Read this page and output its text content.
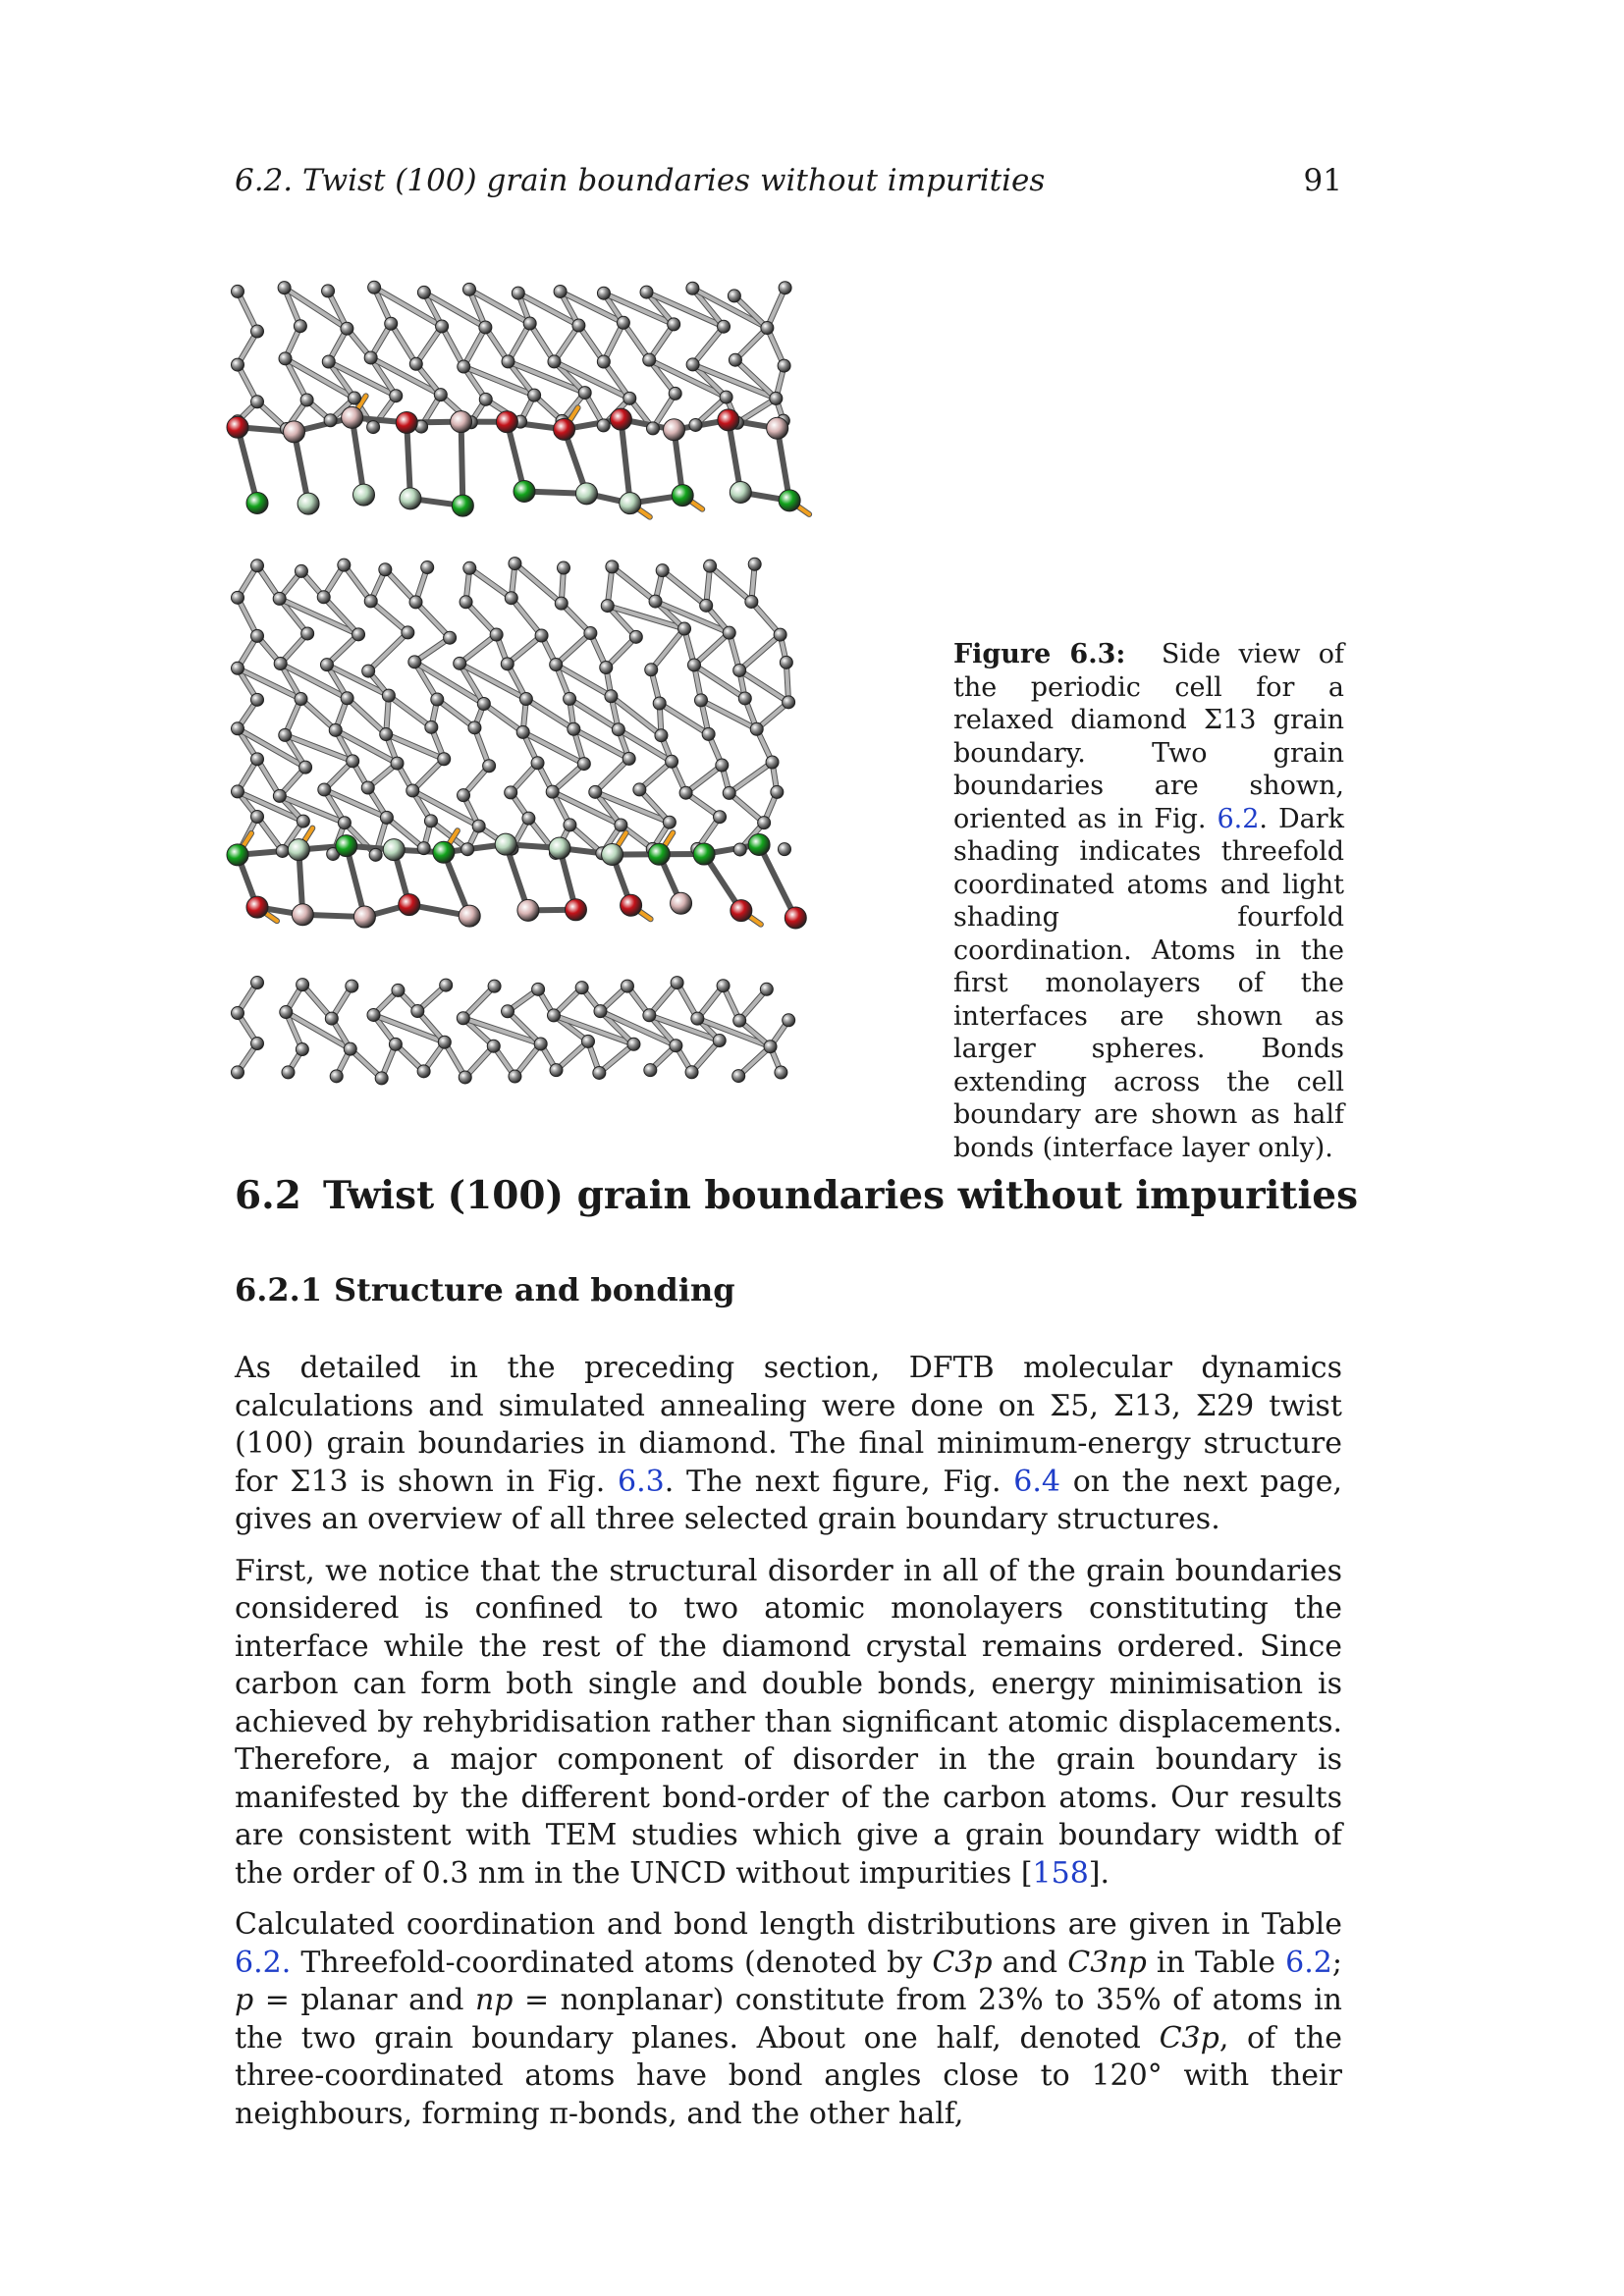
6.2. Twist (100) grain boundaries without impurities	91
Figure 6.3: Side view of the periodic cell for a relaxed diamond Σ13 grain boundary. Two grain boundaries are shown, oriented as in Fig. 6.2. Dark shading indicates threefold coordinated atoms and light shading fourfold coordination. Atoms in the first monolayers of the interfaces are shown as larger spheres. Bonds extending across the cell boundary are shown as half bonds (interface layer only).
6.2 Twist (100) grain boundaries without impurities
6.2.1 Structure and bonding

As detailed in the preceding section, DFTB molecular dynamics calculations and simulated annealing were done on Σ5, Σ13, Σ29 twist (100) grain boundaries in diamond. The final minimum-energy structure for Σ13 is shown in Fig. 6.3. The next figure, Fig. 6.4 on the next page, gives an overview of all three selected grain boundary structures.

First, we notice that the structural disorder in all of the grain boundaries considered is confined to two atomic monolayers constituting the interface while the rest of the diamond crystal remains ordered. Since carbon can form both single and double bonds, energy minimisation is achieved by rehybridisation rather than significant atomic displacements. Therefore, a major component of disorder in the grain boundary is manifested by the different bond-order of the carbon atoms. Our results are consistent with TEM studies which give a grain boundary width of the order of 0.3 nm in the UNCD without impurities [158].

Calculated coordination and bond length distributions are given in Table 6.2. Threefold-coordinated atoms (denoted by C3p and C3np in Table 6.2; p = planar and np = nonplanar) constitute from 23% to 35% of atoms in the two grain boundary planes. About one half, denoted C3p, of the three-coordinated atoms have bond angles close to 120° with their neighbours, forming π-bonds, and the other half,
